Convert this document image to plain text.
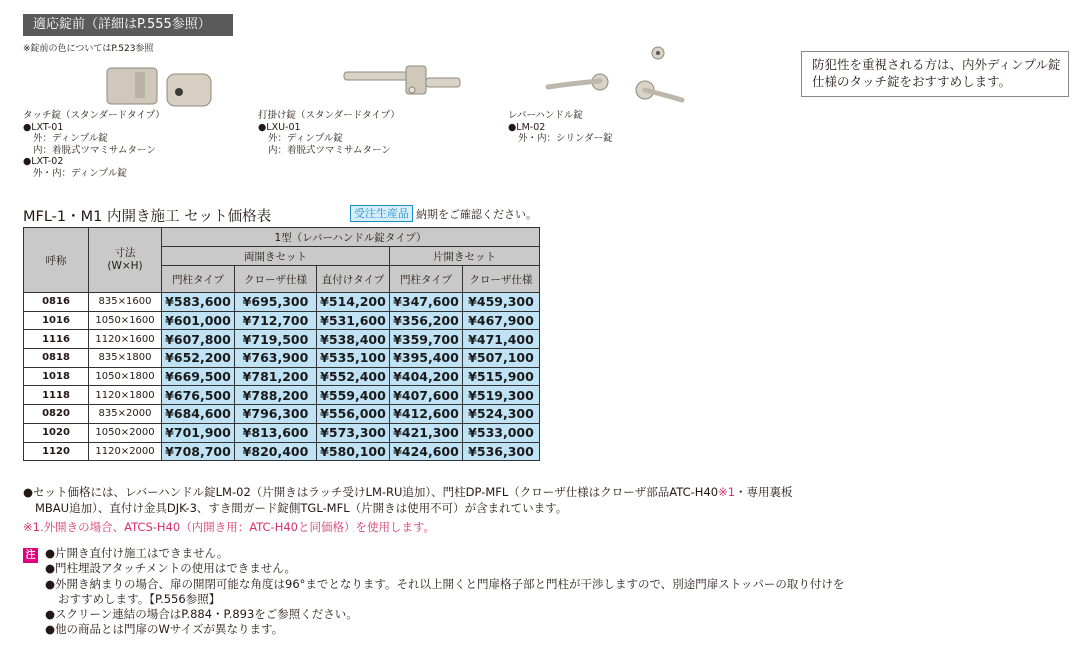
適応錠前（詳細はP.555参照）
※錠前の色についてはP.523参照
タッチ錠（スタンダードタイプ）
●LXT-01
外：ディンプル錠
内：着脱式ツマミサムターン
●LXT-02
外・内：ディンプル錠
打掛け錠（スタンダードタイプ）
●LXU-01
外：ディンプル錠
内：着脱式ツマミサムターン
レバーハンドル錠
●LM-02
外・内：シリンダー錠
防犯性を重視される方は、内外ディンプル錠
仕様のタッチ錠をおすすめします。
MFL-1・M1 内開き施工 セット価格表	受注生産品 納期をご確認ください。
呼称	寸法
(W×H)	1型（レバーハンドル錠タイプ）				
		両開きセット			片開きセット	
		門柱タイプ	クローザ仕様	直付けタイプ	門柱タイプ	クローザ仕様
0816	835×1600	¥583,600	¥695,300	¥514,200	¥347,600	¥459,300
1016	1050×1600	¥601,000	¥712,700	¥531,600	¥356,200	¥467,900
1116	1120×1600	¥607,800	¥719,500	¥538,400	¥359,700	¥471,400
0818	835×1800	¥652,200	¥763,900	¥535,100	¥395,400	¥507,100
1018	1050×1800	¥669,500	¥781,200	¥552,400	¥404,200	¥515,900
1118	1120×1800	¥676,500	¥788,200	¥559,400	¥407,600	¥519,300
0820	835×2000	¥684,600	¥796,300	¥556,000	¥412,600	¥524,300
1020	1050×2000	¥701,900	¥813,600	¥573,300	¥421,300	¥533,000
1120	1120×2000	¥708,700	¥820,400	¥580,100	¥424,600	¥536,300
●セット価格には、レバーハンドル錠LM-02（片開きはラッチ受けLM-RU追加）、門柱DP-MFL（クローザ仕様はクローザ部品ATC-H40※1・専用裏板
MBAU追加）、直付け金具DJK-3、すき間ガード錠側TGL-MFL（片開きは使用不可）が含まれています。
※1.外開きの場合、ATCS-H40（内開き用：ATC-H40と同価格）を使用します。
注 ●片開き直付け施工はできません。
●門柱埋設アタッチメントの使用はできません。
●外開き納まりの場合、扉の開閉可能な角度は96°までとなります。それ以上開くと門扉格子部と門柱が干渉しますので、別途門扉ストッパーの取り付けを
おすすめします。【P.556参照】
●スクリーン連結の場合はP.884・P.893をご参照ください。
●他の商品とは門扉のWサイズが異なります。
